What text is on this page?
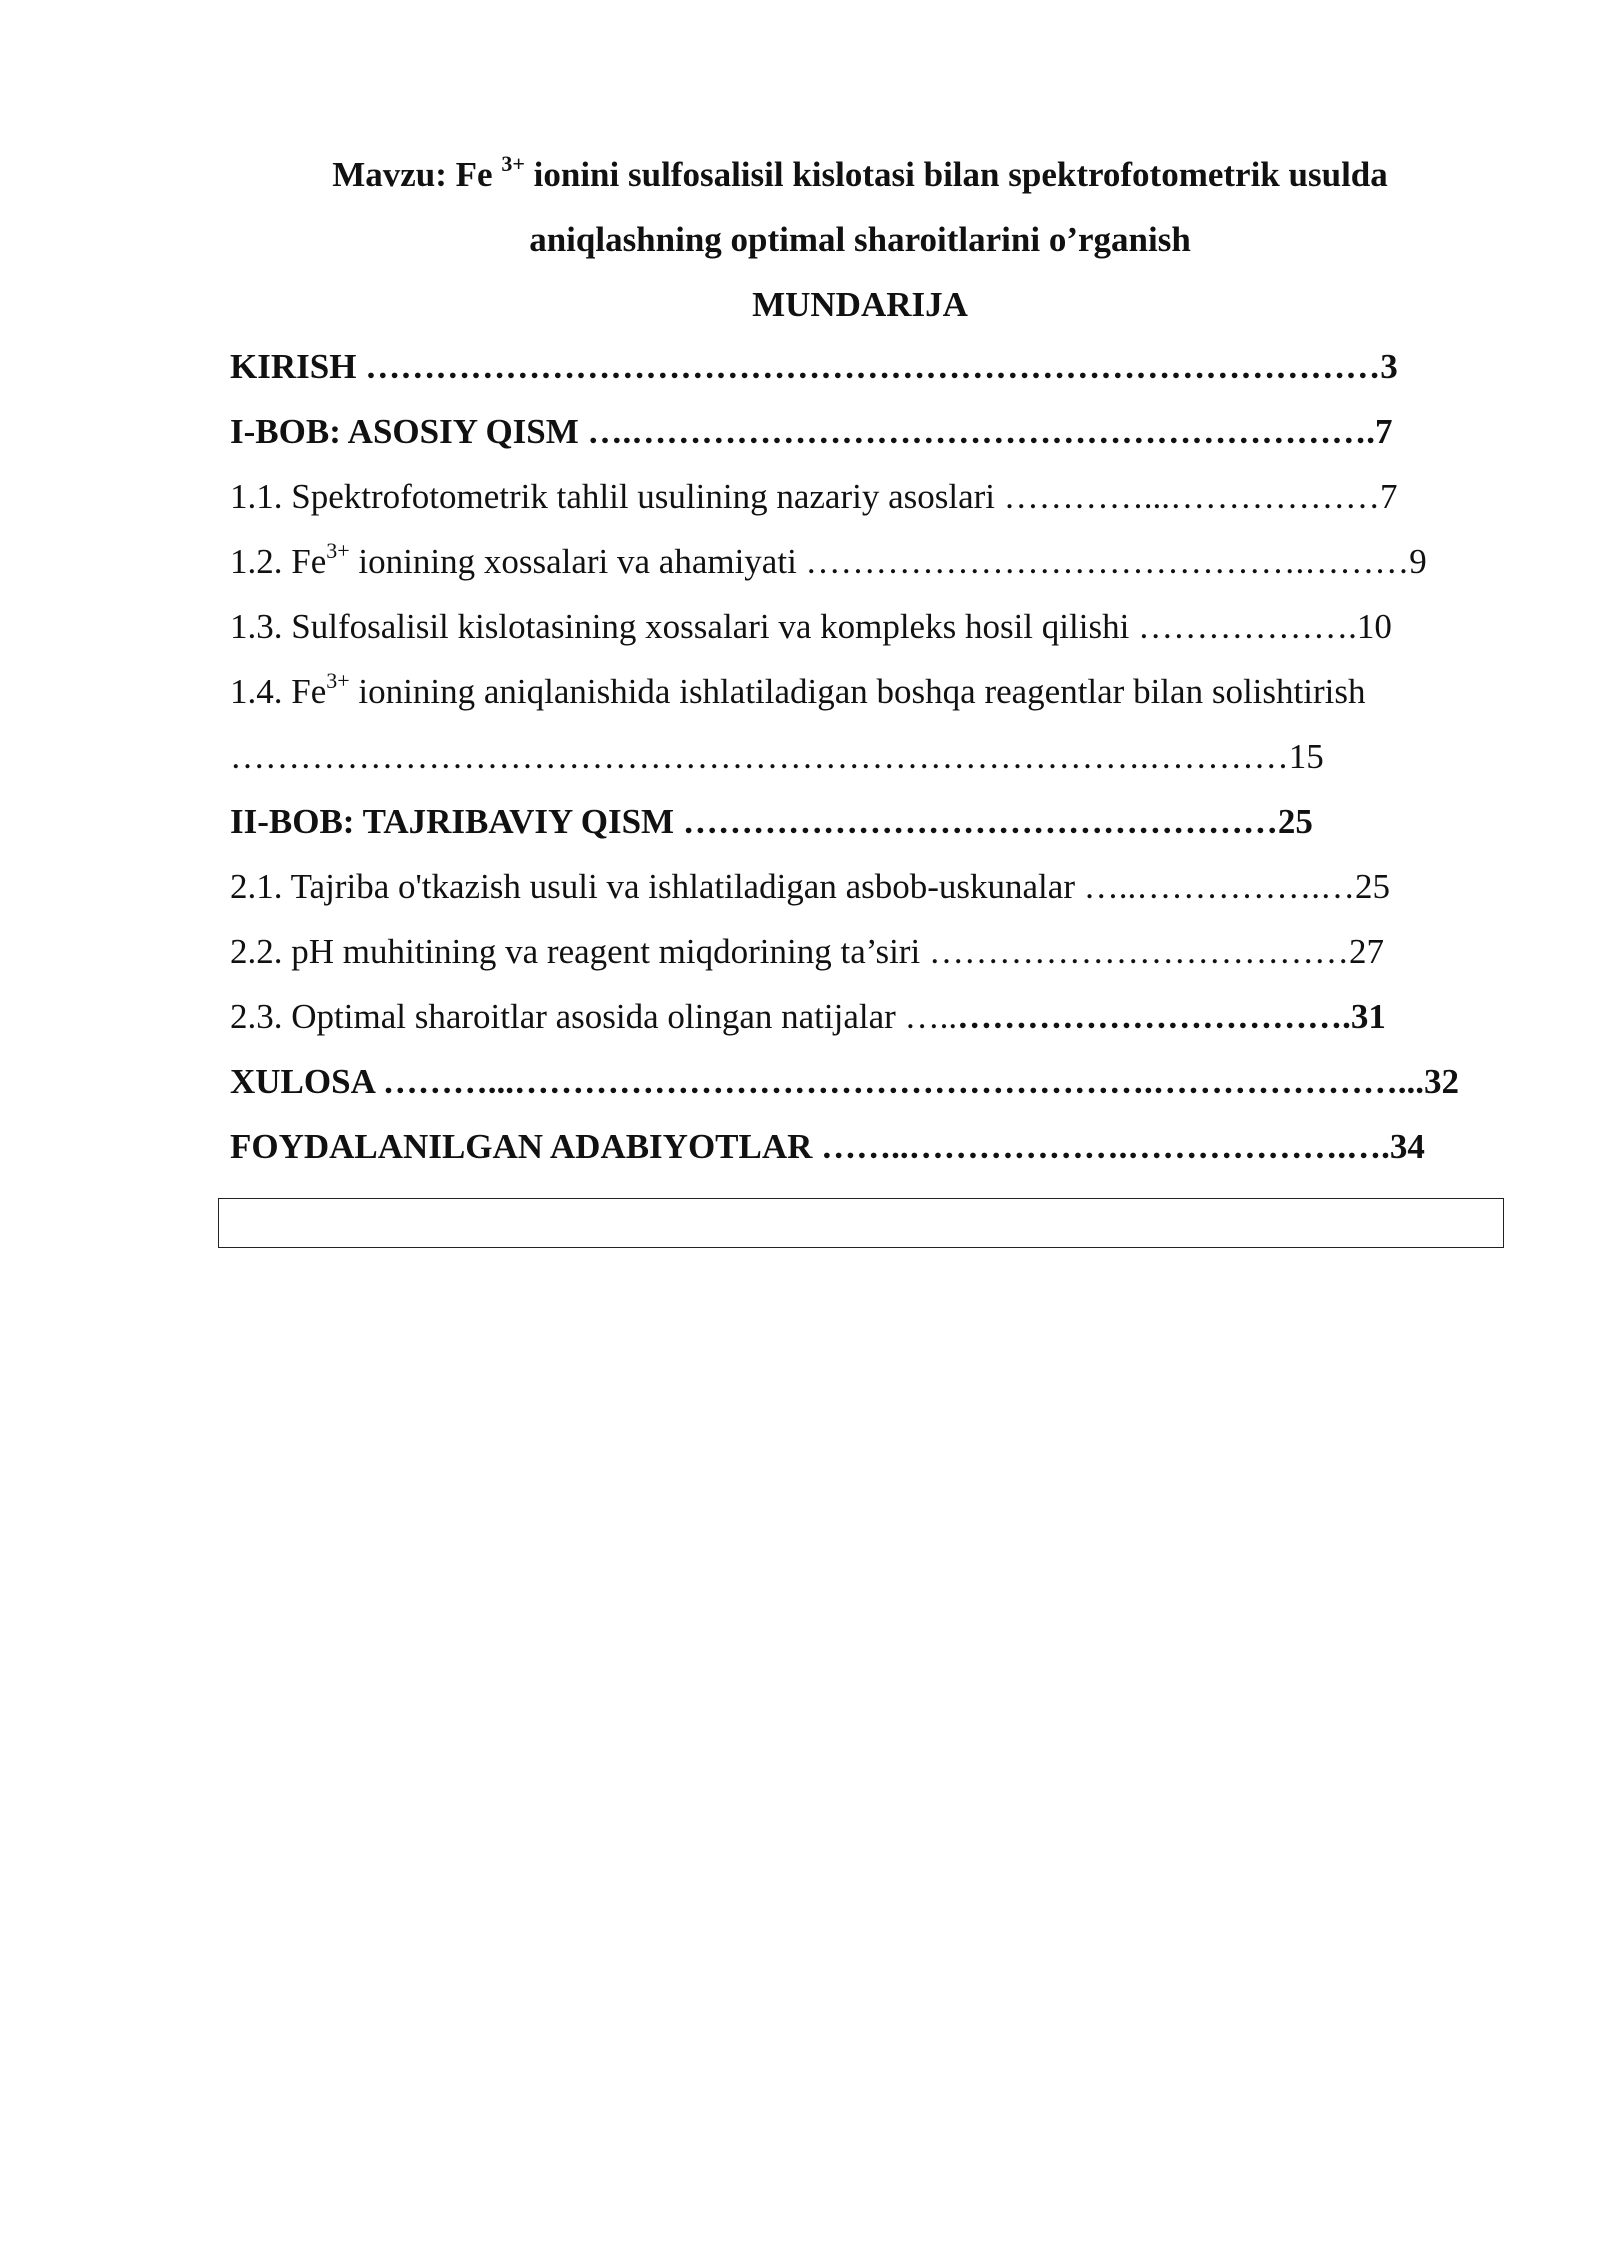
Mavzu: Fe $^{3+}$ ionini sulfosalisil kislotasi bilan spektrofotometrik usulda
aniqlashning optimal sharoitlarini o’rganish
MUNDARIJA
KIRISH ……………………………………………………………………………3
I-BOB: ASOSIY QISM ….……………………………………………………….7
1.1. Spektrofotometrik tahlil usulining nazariy asoslari …………...………………7
1.2. $Fe^{3+}$ ionining xossalari va ahamiyati …………………………………….………9
1.3. Sulfosalisil kislotasining xossalari va kompleks hosil qilishi ……………….10
1.4. $Fe^{3+}$ ionining aniqlanishida ishlatiladigan boshqa reagentlar bilan solishtirish
…………………………………………………………………….…………15
II-BOB: TAJRIBAVIY QISM ……………………………………………25
2.1. Tajriba o'tkazish usuli va ishlatiladigan asbob-uskunalar …..…………….…25
2.2. pH muhitining va reagent miqdorining ta’siri ………………………………27
2.3. Optimal sharoitlar asosida olingan natijalar …..…………………………….31
XULOSA ………...……………………………………………….…………………...32
FOYDALANILGAN ADABIYOTLAR ……..……………….……………….….34
